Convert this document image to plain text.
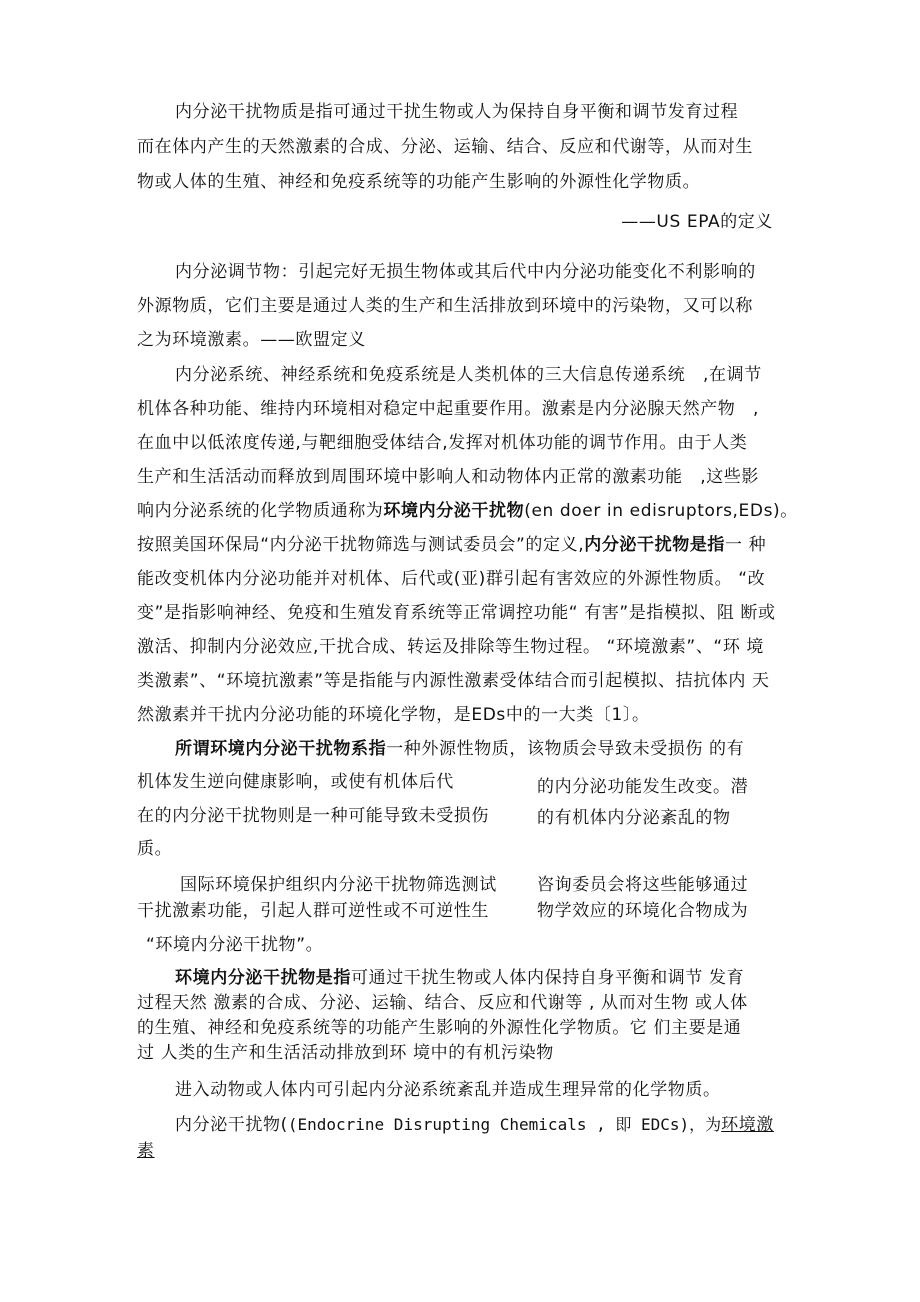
内分泌干扰物质是指可通过干扰生物或人为保持自身平衡和调节发育过程
而在体内产生的天然激素的合成、分泌、运输、结合、反应和代谢等，从而对生
物或人体的生殖、神经和免疫系统等的功能产生影响的外源性化学物质。
——US EPA的定义
内分泌调节物：引起完好无损生物体或其后代中内分泌功能变化不利影响的
外源物质，它们主要是通过人类的生产和生活排放到环境中的污染物，又可以称
之为环境激素。——欧盟定义
内分泌系统、神经系统和免疫系统是人类机体的三大信息传递系统　,在调节
机体各种功能、维持内环境相对稳定中起重要作用。激素是内分泌腺天然产物　,
在血中以低浓度传递,与靶细胞受体结合,发挥对机体功能的调节作用。由于人类
生产和生活活动而释放到周围环境中影响人和动物体内正常的激素功能　,这些影
响内分泌系统的化学物质通称为环境内分泌干扰物(en doer in edisruptors,EDs)。
按照美国环保局“内分泌干扰物筛选与测试委员会”的定义,内分泌干扰物是指一 种
能改变机体内分泌功能并对机体、后代或(亚)群引起有害效应的外源性物质。 “改
变”是指影响神经、免疫和生殖发育系统等正常调控功能“ 有害”是指模拟、阻 断或
激活、抑制内分泌效应,干扰合成、转运及排除等生物过程。 “环境激素”、“环 境
类激素”、“环境抗激素”等是指能与内源性激素受体结合而引起模拟、拮抗体内 天
然激素并干扰内分泌功能的环境化学物，是EDs中的一大类〔1〕。
所谓环境内分泌干扰物系指一种外源性物质，该物质会导致未受损伤 的有
机体发生逆向健康影响，或使有机体后代	的内分泌功能发生改变。潜
在的内分泌干扰物则是一种可能导致未受损伤	的有机体内分泌紊乱的物
质。
国际环境保护组织内分泌干扰物筛选测试 咨询委员会将这些能够通过
干扰激素功能，引起人群可逆性或不可逆性生	物学效应的环境化合物成为
“环境内分泌干扰物”。
环境内分泌干扰物是指可通过干扰生物或人体内保持自身平衡和调节 发育
过程天然 激素的合成、分泌、运输、结合、反应和代谢等 , 从而对生物 或人体
的生殖、神经和免疫系统等的功能产生影响的外源性化学物质。它 们主要是通
过 人类的生产和生活活动排放到环 境中的有机污染物
进入动物或人体内可引起内分泌系统紊乱并造成生理异常的化学物质。
内分泌干扰物((Endocrine Disrupting Chemicals , 即 EDCs)，为环境激
素
